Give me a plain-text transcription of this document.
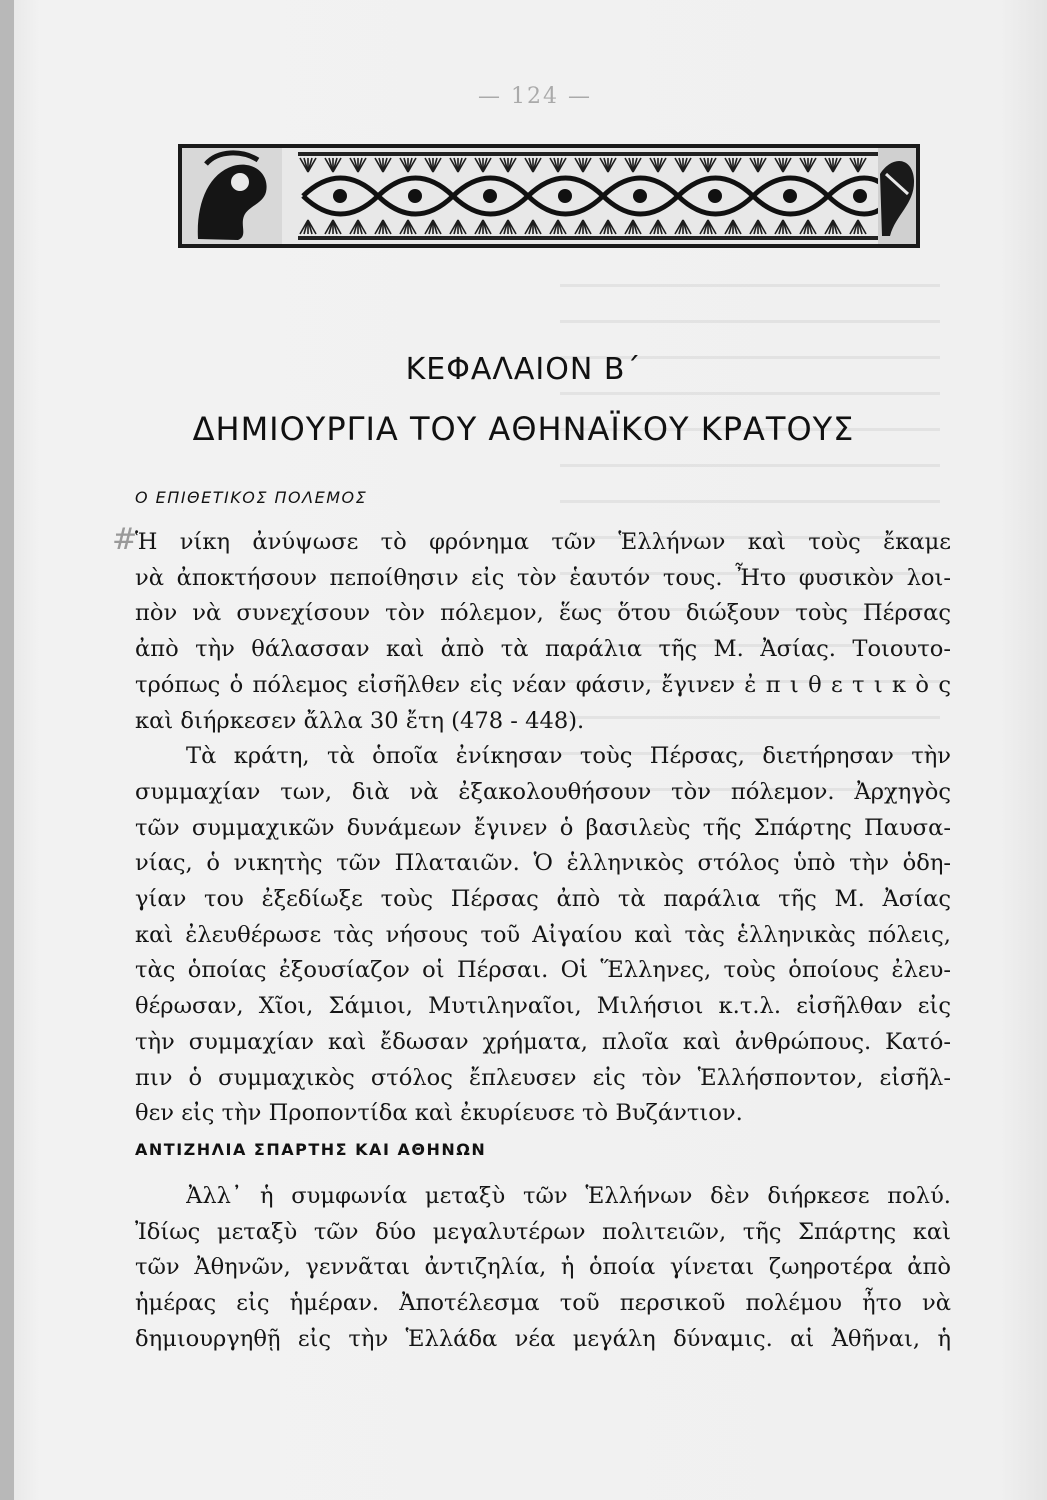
— 124 —
ΚΕΦΑΛΑΙΟΝ Β΄
ΔΗΜΙΟΥΡΓΙΑ ΤΟΥ ΑΘΗΝΑΪΚΟΥ ΚΡΑΤΟΥΣ
#
Ο ΕΠΙΘΕΤΙΚΟΣ ΠΟΛΕΜΟΣ
Ἡ νίκη ἀνύψωσε τὸ φρόνημα τῶν Ἑλλήνων καὶ τοὺς ἔκαμε
νὰ ἀποκτήσουν πεποίθησιν εἰς τὸν ἑαυτόν τους. Ἦτο φυσικὸν λοι-
πὸν νὰ συνεχίσουν τὸν πόλεμον, ἕως ὅτου διώξουν τοὺς Πέρσας
ἀπὸ τὴν θάλασσαν καὶ ἀπὸ τὰ παράλια τῆς Μ. Ἀσίας. Τοιουτο-
τρόπως ὁ πόλεμος εἰσῆλθεν εἰς νέαν φάσιν, ἔγινεν ἐ π ι θ ε τ ι κ ὸ ς
καὶ διήρκεσεν ἄλλα 30 ἔτη (478 - 448).
Τὰ κράτη, τὰ ὁποῖα ἐνίκησαν τοὺς Πέρσας, διετήρησαν τὴν
συμμαχίαν των, διὰ νὰ ἐξακολουθήσουν τὸν πόλεμον. Ἀρχηγὸς
τῶν συμμαχικῶν δυνάμεων ἔγινεν ὁ βασιλεὺς τῆς Σπάρτης Παυσα-
νίας, ὁ νικητὴς τῶν Πλαταιῶν. Ὁ ἑλληνικὸς στόλος ὑπὸ τὴν ὁδη-
γίαν του ἐξεδίωξε τοὺς Πέρσας ἀπὸ τὰ παράλια τῆς Μ. Ἀσίας
καὶ ἐλευθέρωσε τὰς νήσους τοῦ Αἰγαίου καὶ τὰς ἑλληνικὰς πόλεις,
τὰς ὁποίας ἐξουσίαζον οἱ Πέρσαι. Οἱ Ἕλληνες, τοὺς ὁποίους ἐλευ-
θέρωσαν, Χῖοι, Σάμιοι, Μυτιληναῖοι, Μιλήσιοι κ.τ.λ. εἰσῆλθαν εἰς
τὴν συμμαχίαν καὶ ἔδωσαν χρήματα, πλοῖα καὶ ἀνθρώπους. Κατό-
πιν ὁ συμμαχικὸς στόλος ἔπλευσεν εἰς τὸν Ἑλλήσποντον, εἰσῆλ-
θεν εἰς τὴν Προποντίδα καὶ ἐκυρίευσε τὸ Βυζάντιον.
ΑΝΤΙΖΗΛΙΑ ΣΠΑΡΤΗΣ ΚΑΙ ΑΘΗΝΩΝ
Ἀλλ᾽ ἡ συμφωνία μεταξὺ τῶν Ἑλλήνων δὲν διήρκεσε πολύ.
Ἰδίως μεταξὺ τῶν δύο μεγαλυτέρων πολιτειῶν, τῆς Σπάρτης καὶ
τῶν Ἀθηνῶν, γεννᾶται ἀντιζηλία, ἡ ὁποία γίνεται ζωηροτέρα ἀπὸ
ἡμέρας εἰς ἡμέραν. Ἀποτέλεσμα τοῦ περσικοῦ πολέμου ἦτο νὰ
δημιουργηθῇ εἰς τὴν Ἑλλάδα νέα μεγάλη δύναμις. αἱ Ἀθῆναι, ἡ
